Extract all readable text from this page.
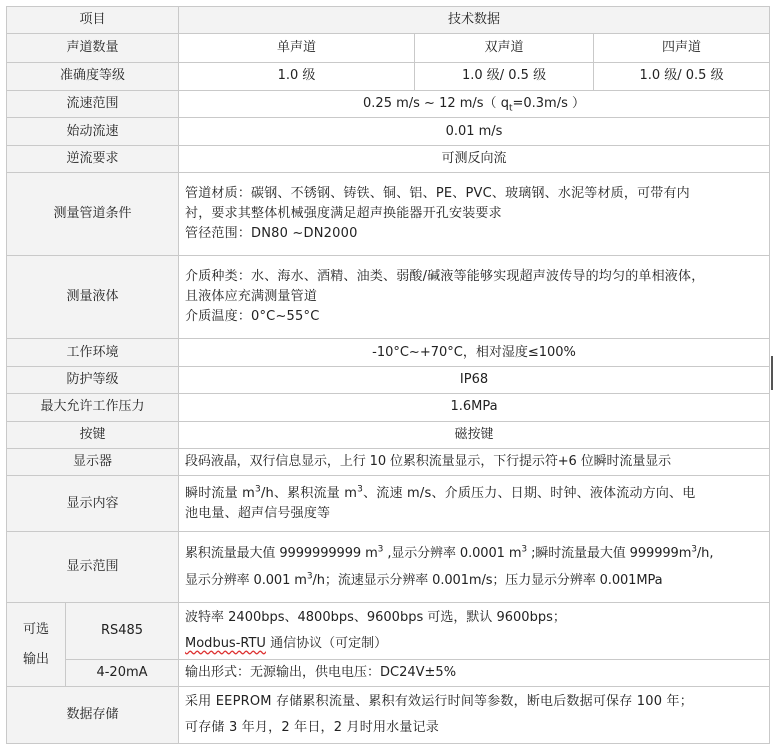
项目		技术数据		
声道数量		单声道	双声道	四声道
准确度等级		1.0 级	1.0 级/ 0.5 级	1.0 级/ 0.5 级
流速范围		0.25 m/s ~ 12 m/s（ $q_t=0.3m/s$ ）		
始动流速		0.01 m/s		
逆流要求		可测反向流		
测量管道条件		管道材质：碳钢、不锈钢、铸铁、铜、铝、PE、PVC、玻璃钢、水泥等材质，可带有内
衬，要求其整体机械强度满足超声换能器开孔安装要求
管径范围：DN80 ~DN2000		

测量液体		介质种类：水、海水、酒精、油类、弱酸/碱液等能够实现超声波传导的均匀的单相液体，
且液体应充满测量管道
介质温度：0°C~55°C		

工作环境		-10°C~+70°C，相对湿度≤100%		
防护等级		IP68		
最大允许工作压力		1.6MPa		
按键		磁按键		
显示器		段码液晶，双行信息显示，上行 10 位累积流量显示，下行提示符+6 位瞬时流量显示		
显示内容		瞬时流量 $m^3/h$、累积流量 $m^3$、流速 m/s、介质压力、日期、时钟、液体流动方向、电
池电量、超声信号强度等		

显示范围		累积流量最大值 9999999999 $m^3$ ,显示分辨率 0.0001 $m^3$ ;瞬时流量最大值 $999999m^3/h$,
显示分辨率 0.001 $m^3/h$；流速显示分辨率 0.001m/s；压力显示分辨率 0.001MPa		

可选
输出	RS485	波特率 2400bps、4800bps、9600bps 可选，默认 9600bps；
Modbus-RTU 通信协议（可定制）		

	4-20mA	输出形式：无源输出，供电电压：DC24V±5%		
数据存储		采用 EEPROM 存储累积流量、累积有效运行时间等参数，断电后数据可保存 100 年；
可存储 3 年月，2 年日，2 月时用水量记录		
